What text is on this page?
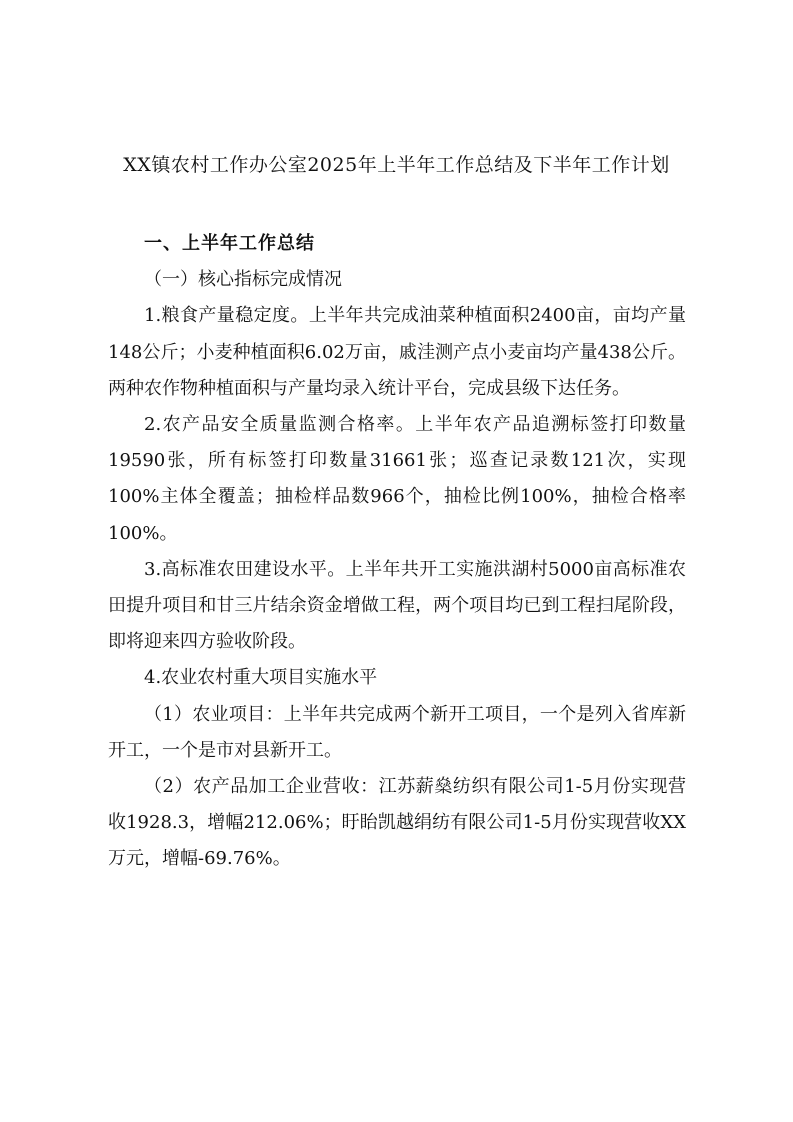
XX镇农村工作办公室2025年上半年工作总结及下半年工作计划

一、上半年工作总结

（一）核心指标完成情况

1.粮食产量稳定度。上半年共完成油菜种植面积2400亩，亩均产量148公斤；小麦种植面积6.02万亩，戚洼测产点小麦亩均产量438公斤。两种农作物种植面积与产量均录入统计平台，完成县级下达任务。

2.农产品安全质量监测合格率。上半年农产品追溯标签打印数量19590张，所有标签打印数量31661张；巡查记录数121次，实现100%主体全覆盖；抽检样品数966个，抽检比例100%，抽检合格率100%。

3.高标准农田建设水平。上半年共开工实施洪湖村5000亩高标准农田提升项目和甘三片结余资金增做工程，两个项目均已到工程扫尾阶段，即将迎来四方验收阶段。

4.农业农村重大项目实施水平

（1）农业项目：上半年共完成两个新开工项目，一个是列入省库新开工，一个是市对县新开工。

（2）农产品加工企业营收：江苏薪燊纺织有限公司1-5月份实现营收1928.3，增幅212.06%；盱眙凯越绢纺有限公司1-5月份实现营收XX万元，增幅-69.76%。
